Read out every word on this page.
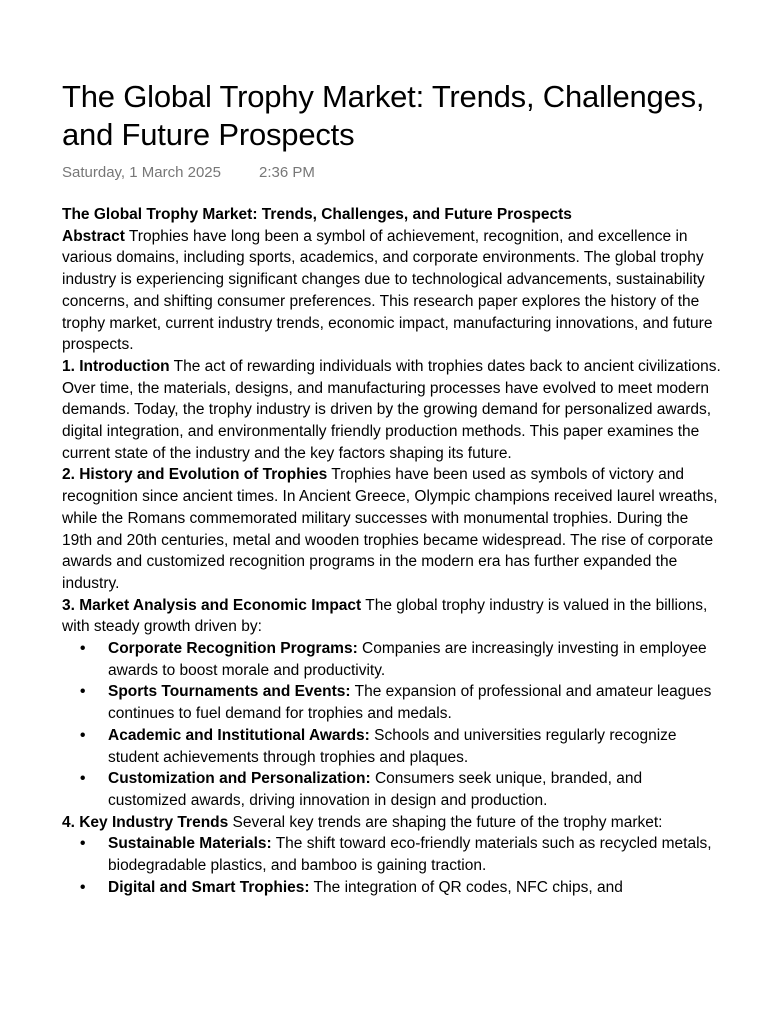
The Global Trophy Market: Trends, Challenges, and Future Prospects
Saturday, 1 March 2025	2:36 PM

The Global Trophy Market: Trends, Challenges, and Future Prospects

Abstract Trophies have long been a symbol of achievement, recognition, and excellence in various domains, including sports, academics, and corporate environments. The global trophy industry is experiencing significant changes due to technological advancements, sustainability concerns, and shifting consumer preferences. This research paper explores the history of the trophy market, current industry trends, economic impact, manufacturing innovations, and future prospects.

1. Introduction The act of rewarding individuals with trophies dates back to ancient civilizations. Over time, the materials, designs, and manufacturing processes have evolved to meet modern demands. Today, the trophy industry is driven by the growing demand for personalized awards, digital integration, and environmentally friendly production methods. This paper examines the current state of the industry and the key factors shaping its future.

2. History and Evolution of Trophies Trophies have been used as symbols of victory and recognition since ancient times. In Ancient Greece, Olympic champions received laurel wreaths, while the Romans commemorated military successes with monumental trophies. During the 19th and 20th centuries, metal and wooden trophies became widespread. The rise of corporate awards and customized recognition programs in the modern era has further expanded the industry.

3. Market Analysis and Economic Impact The global trophy industry is valued in the billions, with steady growth driven by:

• Corporate Recognition Programs: Companies are increasingly investing in employee awards to boost morale and productivity.
• Sports Tournaments and Events: The expansion of professional and amateur leagues continues to fuel demand for trophies and medals.
• Academic and Institutional Awards: Schools and universities regularly recognize student achievements through trophies and plaques.
• Customization and Personalization: Consumers seek unique, branded, and customized awards, driving innovation in design and production.

4. Key Industry Trends Several key trends are shaping the future of the trophy market:

• Sustainable Materials: The shift toward eco-friendly materials such as recycled metals, biodegradable plastics, and bamboo is gaining traction.
• Digital and Smart Trophies: The integration of QR codes, NFC chips, and
